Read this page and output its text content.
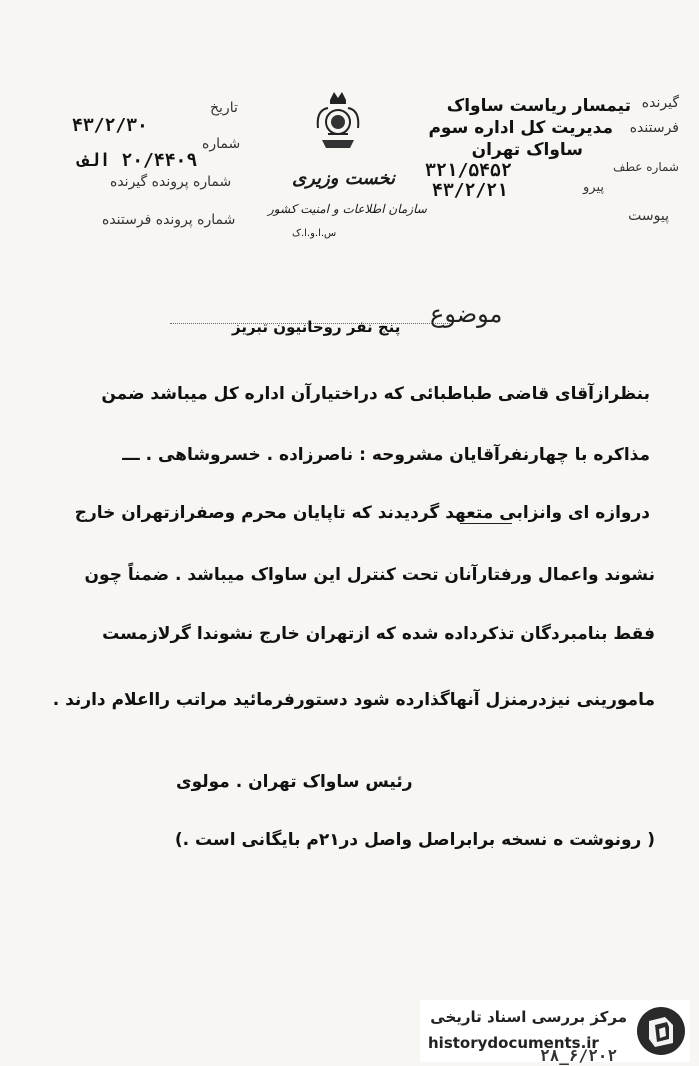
گیرنده
تیمسار ریاست ساواک
فرستنده
مدیریت کل اداره سوم
ساواک تهران
شماره عطف
۳۲۱/۵۴۵۲
پیرو
۴۳/۲/۲۱
پیوست
نخست وزیری
سازمان اطلاعات و امنیت کشور
س.ا.و.ا.ک
تاریخ
۴۳/۲/۳۰
شماره
۲۰/۴۴۰۹ الف
شماره پرونده گیرنده
شماره پرونده فرستنده
موضوع
پنج نفر روحانیون تبریز
بنظرازآقای قاضی طباطبائی که دراختیارآن اداره کل میباشد ضمن
مذاکره با چهارنفرآقایان مشروحه : ناصرزاده . خسروشاهی . ـــ
دروازه ای وانزابی متعهد گردیدند که تاپایان محرم وصفرازتهران خارج
نشوند واعمال ورفتارآنان تحت کنترل این ساواک میباشد . ضمناً چون
فقط بنامبردگان تذکرداده شده که ازتهران خارج نشوندا گرلازمست
مامورینی نیزدرمنزل آنهاگذارده شود دستورفرمائید مراتب رااعلام دارند .
رئیس ساواک تهران . مولوی
( رونوشت ه نسخه برابراصل واصل در۲۱م بایگانی است .)
مرکز بررسی اسناد تاریخی
historydocuments.ir
۲۸_۶/۲۰۲
